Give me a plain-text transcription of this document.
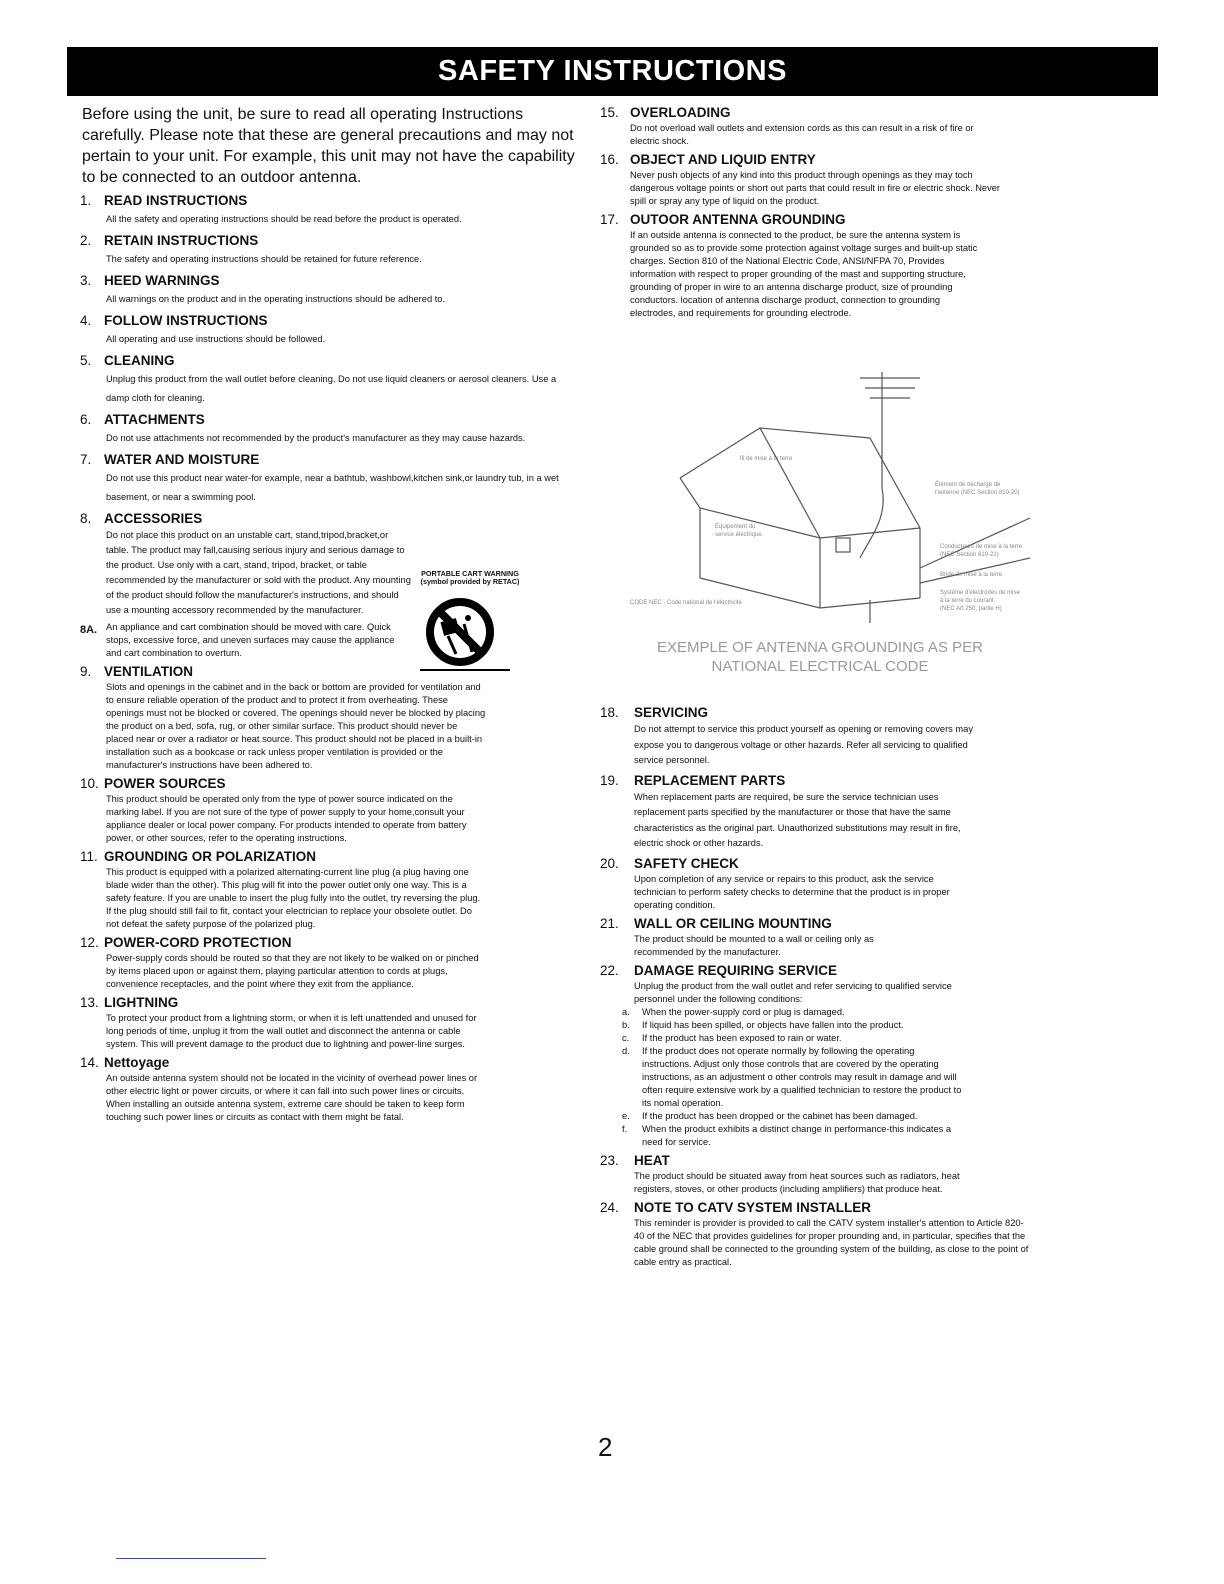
SAFETY INSTRUCTIONS
Before using the unit, be sure to read all operating Instructions carefully. Please note that these are general precautions and may not pertain to your unit. For example, this unit may not have the capability to be connected to an outdoor antenna.
1. READ INSTRUCTIONS
All the safety and operating instructions should be read before the product is operated.
2. RETAIN INSTRUCTIONS
The safety and operating instructions should be retained for future reference.
3. HEED WARNINGS
All warnings on the product and in the operating instructions should be adhered to.
4. FOLLOW INSTRUCTIONS
All operating and use instructions should be followed.
5. CLEANING
Unplug this product from the wall outlet before cleaning. Do not use liquid cleaners or aerosol cleaners. Use a damp cloth for cleaning.
6. ATTACHMENTS
Do not use attachments not recommended by the product's manufacturer as they may cause hazards.
7. WATER AND MOISTURE
Do not use this product near water-for example, near a bathtub, washbowl,kitchen sink,or laundry tub, in a wet basement, or near a swimming pool.
8. ACCESSORIES
Do not place this product on an unstable cart, stand,tripod,bracket,or table. The product may fall,causing serious injury and serious damage to the product. Use only with a cart, stand, tripod, bracket, or table recommended by the manufacturer or sold with the product. Any mounting of the product should follow the manufacturer's instructions, and should use a mounting accessory recommended by the manufacturer.
PORTABLE CART WARNING
(symbol provided by RETAC)
8A. An appliance and cart combination should be moved with care. Quick stops, excessive force, and uneven surfaces may cause the appliance and cart combination to overturn.
9. VENTILATION
Slots and openings in the cabinet and in the back or bottom are provided for ventilation and to ensure reliable operation of the product and to protect it from overheating. These openings must not be blocked or covered. The openings should never be blocked by placing the product on a bed, sofa, rug, or other similar surface. This product should never be placed near or over a radiator or heat source. This product should not be placed in a built-in installation such as a bookcase or rack unless proper ventilation is provided or the manufacturer's instructions have been adhered to.
10. POWER SOURCES
This product should be operated only from the type of power source indicated on the marking label. If you are not sure of the type of power supply to your home,consult your appliance dealer or local power company. For products intended to operate from battery power, or other sources, refer to the operating instructions.
11. GROUNDING OR POLARIZATION
This product is equipped with a polarized alternating-current line plug (a plug having one blade wider than the other). This plug will fit into the power outlet only one way. This is a safety feature. If you are unable to insert the plug fully into the outlet, try reversing the plug. If the plug should still fail to fit, contact your electrician to replace your obsolete outlet. Do not defeat the safety purpose of the polarized plug.
12. POWER-CORD PROTECTION
Power-supply cords should be routed so that they are not likely to be walked on or pinched by items placed upon or against them, playing particular attention to cords at plugs, convenience receptacles, and the point where they exit from the appliance.
13. LIGHTNING
To protect your product from a lightning storm, or when it is left unattended and unused for long periods of time, unplug it from the wall outlet and disconnect the antenna or cable system. This will prevent damage to the product due to lightning and power-line surges.
14. Nettoyage
An outside antenna system should not be located in the vicinity of overhead power lines or other electric light or power circuits, or where it can fall into such power lines or circuits. When installing an outside antenna system, extreme care should be taken to keep form touching such power lines or circuits as contact with them might be fatal.
15. OVERLOADING
Do not overload wall outlets and extension cords as this can result in a risk of fire or electric shock.
16. OBJECT AND LIQUID ENTRY
Never push objects of any kind into this product through openings as they may toch dangerous voltage points or short out parts that could result in fire or electric shock. Never spill or spray any type of liquid on the product.
17. OUTOOR ANTENNA GROUNDING
If an outside antenna is connected to the product, be sure the antenna system is grounded so as to provide some protection against voltage surges and built-up static charges. Section 810 of the National Electric Code, ANSI/NFPA 70, Provides information with respect to proper grounding of the mast and supporting structure, grounding of proper in wire to an antenna discharge product, size of prounding conductors. location of antenna discharge product, connection to grounding electrodes, and requirements for grounding electrode.
fil de mise à la terre
Équipement du
service électrique
Élément de décharge de
l'antenne (NEC Section 810-20)
Conducteurs de mise à la terre
(NEC Section 810-21)
Bride de mise à la terre
Système d'électrodes de mise
à la terre du courant
(NEC Art 250, partie H)
CODE NEC - Code national de l'électricité
EXEMPLE OF ANTENNA GROUNDING AS PER
NATIONAL ELECTRICAL CODE
18. SERVICING
Do not attempt to service this product yourself as opening or removing covers may expose you to dangerous voltage or other hazards. Refer all servicing to qualified service personnel.
19. REPLACEMENT PARTS
When replacement parts are required, be sure the service technician uses replacement parts specified by the manufacturer or those that have the same characteristics as the original part. Unauthorized substitutions may result in fire, electric shock or other hazards.
20. SAFETY CHECK
Upon completion of any service or repairs to this product, ask the service technician to perform safety checks to determine that the product is in proper operating condition.
21. WALL OR CEILING MOUNTING
The product should be mounted to a wall or ceiling only as recommended by the manufacturer.
22. DAMAGE REQUIRING SERVICE
Unplug the product from the wall outlet and refer servicing to qualified service personnel under the following conditions:
a.	When the power-supply cord or plug is damaged.
b.	If liquid has been spilled, or objects have fallen into the product.
c.	If the product has been exposed to rain or water.
d.	If the product does not operate normally by following the operating instructions. Adjust only those controls that are covered by the operating instructions, as an adjustment o other controls may result in damage and will often require extensive work by a qualified technician to restore the product to its nomal operation.
e.	If the product has been dropped or the cabinet has been damaged.
f.	When the product exhibits a distinct change in performance-this indicates a need for service.
23. HEAT
The product should be situated away from heat sources such as radiators, heat registers, stoves, or other products (including amplifiers) that produce heat.
24. NOTE TO CATV SYSTEM INSTALLER
This reminder is provider is provided to call the CATV system installer's attention to Article 820-40 of the NEC that provides guidelines for proper prounding and, in particular, specifies that the cable ground shall be connected to the grounding system of the building, as close to the point of cable entry as practical.
2
